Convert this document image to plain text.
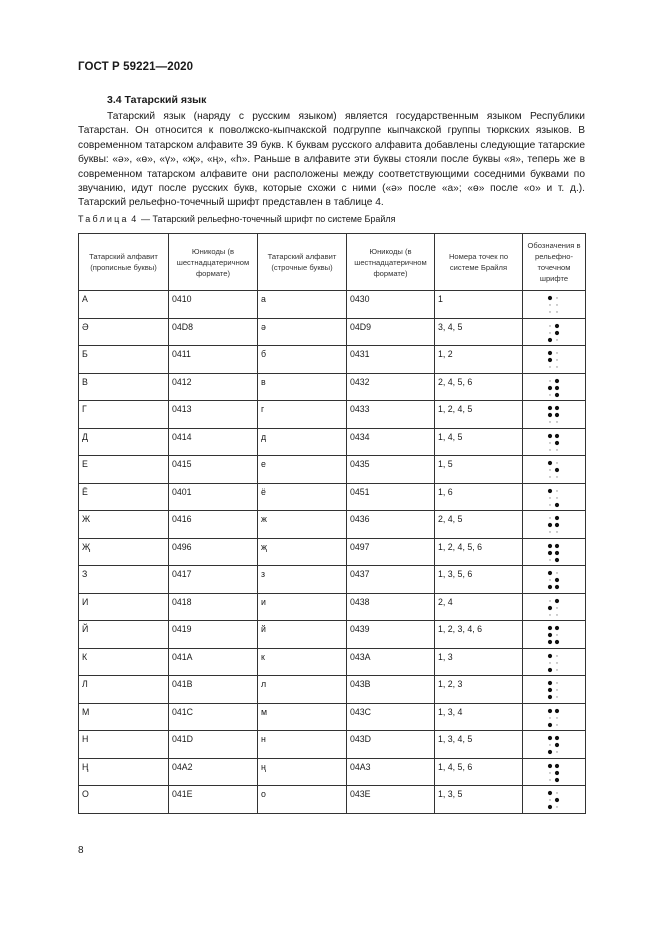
ГОСТ Р 59221—2020
3.4 Татарский язык

Татарский язык (наряду с русским языком) является государственным языком Республики Татарстан. Он относится к поволжско-кыпчакской подгруппе кыпчакской группы тюркских языков. В современном татарском алфавите 39 букв. К буквам русского алфавита добавлены следующие татарские буквы: «ә», «ө», «ү», «җ», «ң», «һ». Раньше в алфавите эти буквы стояли после буквы «я», теперь же в современном татарском алфавите они расположены между соответствующими соседними буквами по звучанию, идут после русских букв, которые схожи с ними («ә» после «а»; «ө» после «о» и т. д.). Татарский рельефно-точечный шрифт представлен в таблице 4.

Таблица 4 — Татарский рельефно-точечный шрифт по системе Брайля
Татарский алфавит (прописные буквы)	Юникоды (в шестнадцатеричном формате)	Татарский алфавит (строчные буквы)	Юникоды (в шестнадцатеричном формате)	Номера точек по системе Брайля	Обозначения в рельефно-точечном шрифте
А	0410	а	0430	1	
Ә	04D8	ә	04D9	3, 4, 5	
Б	0411	б	0431	1, 2	
В	0412	в	0432	2, 4, 5, 6	
Г	0413	г	0433	1, 2, 4, 5	
Д	0414	д	0434	1, 4, 5	
Е	0415	е	0435	1, 5	
Ё	0401	ё	0451	1, 6	
Ж	0416	ж	0436	2, 4, 5	
Җ	0496	җ	0497	1, 2, 4, 5, 6	
З	0417	з	0437	1, 3, 5, 6	
И	0418	и	0438	2, 4	
Й	0419	й	0439	1, 2, 3, 4, 6	
К	041A	к	043A	1, 3	
Л	041B	л	043B	1, 2, 3	
М	041C	м	043C	1, 3, 4	
Н	041D	н	043D	1, 3, 4, 5	
Ң	04A2	ң	04A3	1, 4, 5, 6	
О	041E	о	043E	1, 3, 5	
8
